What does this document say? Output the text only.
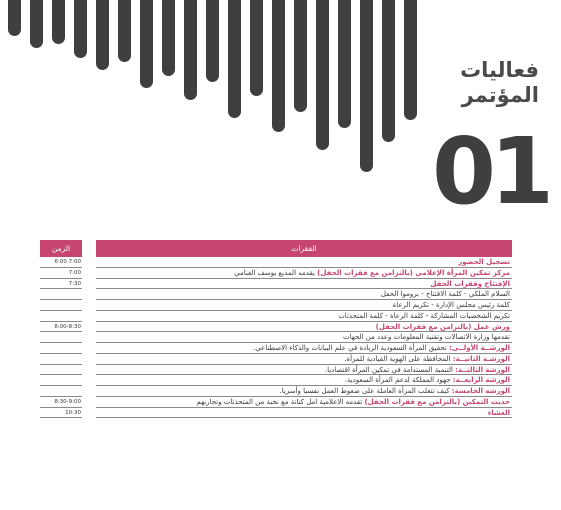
فعاليات
المؤتمر
01
الزمن	الفقرات
تسجيل الحضور
6:00 7:00
مركز تمكين المرأة الإعلامي (بالتزامن مع فقرات الحفل) يقدمه المذيع يوسف الغنامي
7:00
الإفتتاح وفقرات الحفل
7:30
السلام الملكي - كلمة الافتتاح - بروموا الحفل
كلمة رئيس مجلس الإدارة - تكريم الرعاة
تكريم الشخصيات المشاركة - كلمة الرعاة - كلمة المتحدثات
ورش عمل (بالتزامن مع فقرات الحفل)
8:00-8:30
تقدمها وزارة الاتصالات وتقنية المعلومات وعدد من الجهات
الورشــة الأولــى: تحقيق المرأة السعودية الريادة في علم البيانات والذكاء الاصطناعي.
الورشـة الثانيــة: المحافظة على الهوية القيادية للمرأة.
الورشة الثالثــة: التنمية المستدامة في تمكين المرأة اقتصاديا.
الورشة الرابعــة: جهود المملكة لدعم المرأة السعودية.
الورشة الخامسة: كيف تتغلب المرأة العاملة على ضغوط العمل نفسيا وأسريا.
حديث التمكين (بالتزامن مع فقرات الحفل) تقدمه الاعلامية امل كنانة مع نخبة من المتحدثات وتجاربهم
8:30-9:00
العشاء
10:30
